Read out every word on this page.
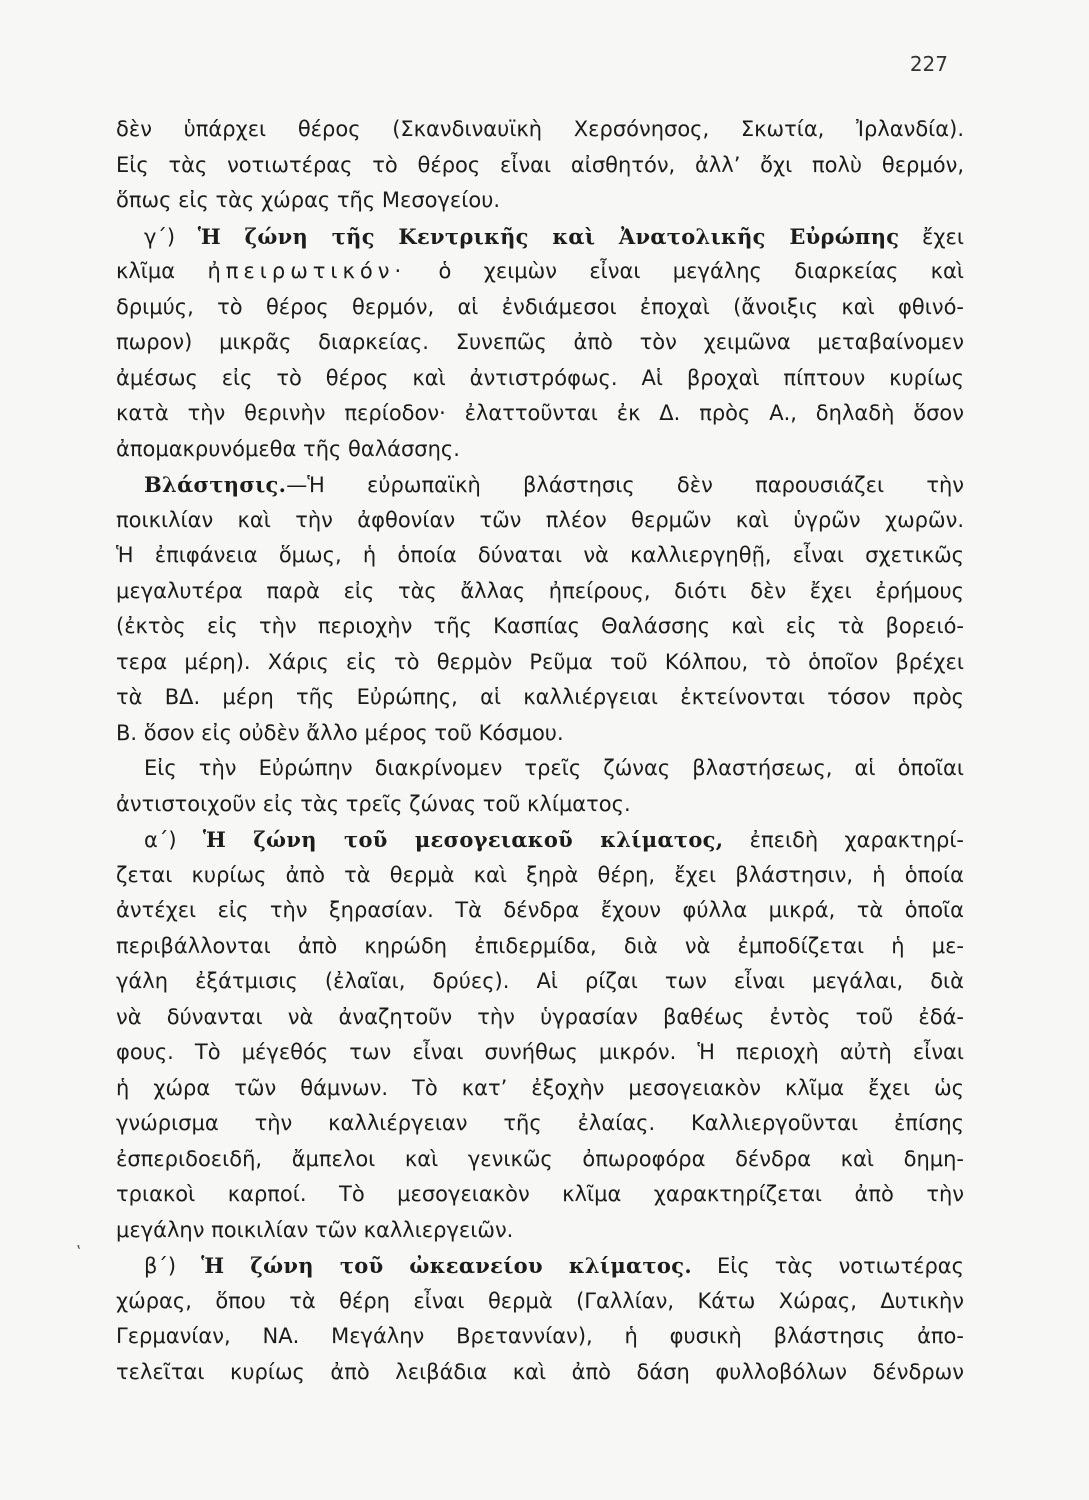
227
ʽ
δὲν ὑπάρχει θέρος (Σκανδιναυϊκὴ Χερσόνησος, Σκωτία, Ἰρλανδία).
Εἰς τὰς νοτιωτέρας τὸ θέρος εἶναι αἰσθητόν, ἀλλ’ ὄχι πολὺ θερμόν,
ὅπως εἰς τὰς χώρας τῆς Μεσογείου.
γ΄) Ἡ ζώνη τῆς Κεντρικῆς καὶ Ἀνατολικῆς Εὐρώπης ἔχει
κλῖμα ἠπειρωτικόν· ὁ χειμὼν εἶναι μεγάλης διαρκείας καὶ
δριμύς, τὸ θέρος θερμόν, αἱ ἐνδιάμεσοι ἐποχαὶ (ἄνοιξις καὶ φθινό-
πωρον) μικρᾶς διαρκείας. Συνεπῶς ἀπὸ τὸν χειμῶνα μεταβαίνομεν
ἀμέσως εἰς τὸ θέρος καὶ ἀντιστρόφως. Αἱ βροχαὶ πίπτουν κυρίως
κατὰ τὴν θερινὴν περίοδον· ἐλαττοῦνται ἐκ Δ. πρὸς Α., δηλαδὴ ὅσον
ἀπομακρυνόμεθα τῆς θαλάσσης.
Βλάστησις.—Ἡ εὐρωπαϊκὴ βλάστησις δὲν παρουσιάζει τὴν
ποικιλίαν καὶ τὴν ἀφθονίαν τῶν πλέον θερμῶν καὶ ὑγρῶν χωρῶν.
Ἡ ἐπιφάνεια ὅμως, ἡ ὁποία δύναται νὰ καλλιεργηθῇ, εἶναι σχετικῶς
μεγαλυτέρα παρὰ εἰς τὰς ἄλλας ἠπείρους, διότι δὲν ἔχει ἐρήμους
(ἐκτὸς εἰς τὴν περιοχὴν τῆς Κασπίας Θαλάσσης καὶ εἰς τὰ βορειό-
τερα μέρη). Χάρις εἰς τὸ θερμὸν Ρεῦμα τοῦ Κόλπου, τὸ ὁποῖον βρέχει
τὰ ΒΔ. μέρη τῆς Εὐρώπης, αἱ καλλιέργειαι ἐκτείνονται τόσον πρὸς
Β. ὅσον εἰς οὐδὲν ἄλλο μέρος τοῦ Κόσμου.
Εἰς τὴν Εὐρώπην διακρίνομεν τρεῖς ζώνας βλαστήσεως, αἱ ὁποῖαι
ἀντιστοιχοῦν εἰς τὰς τρεῖς ζώνας τοῦ κλίματος.
α΄) Ἡ ζώνη τοῦ μεσογειακοῦ κλίματος, ἐπειδὴ χαρακτηρί-
ζεται κυρίως ἀπὸ τὰ θερμὰ καὶ ξηρὰ θέρη, ἔχει βλάστησιν, ἡ ὁποία
ἀντέχει εἰς τὴν ξηρασίαν. Τὰ δένδρα ἔχουν φύλλα μικρά, τὰ ὁποῖα
περιβάλλονται ἀπὸ κηρώδη ἐπιδερμίδα, διὰ νὰ ἐμποδίζεται ἡ με-
γάλη ἐξάτμισις (ἐλαῖαι, δρύες). Αἱ ρίζαι των εἶναι μεγάλαι, διὰ
νὰ δύνανται νὰ ἀναζητοῦν τὴν ὑγρασίαν βαθέως ἐντὸς τοῦ ἐδά-
φους. Τὸ μέγεθός των εἶναι συνήθως μικρόν. Ἡ περιοχὴ αὐτὴ εἶναι
ἡ χώρα τῶν θάμνων. Τὸ κατ’ ἐξοχὴν μεσογειακὸν κλῖμα ἔχει ὡς
γνώρισμα τὴν καλλιέργειαν τῆς ἐλαίας. Καλλιεργοῦνται ἐπίσης
ἐσπεριδοειδῆ, ἄμπελοι καὶ γενικῶς ὀπωροφόρα δένδρα καὶ δημη-
τριακοὶ καρποί. Τὸ μεσογειακὸν κλῖμα χαρακτηρίζεται ἀπὸ τὴν
μεγάλην ποικιλίαν τῶν καλλιεργειῶν.
β΄) Ἡ ζώνη τοῦ ὠκεανείου κλίματος. Εἰς τὰς νοτιωτέρας
χώρας, ὅπου τὰ θέρη εἶναι θερμὰ (Γαλλίαν, Κάτω Χώρας, Δυτικὴν
Γερμανίαν, ΝΑ. Μεγάλην Βρεταννίαν), ἡ φυσικὴ βλάστησις ἀπο-
τελεῖται κυρίως ἀπὸ λειβάδια καὶ ἀπὸ δάση φυλλοβόλων δένδρων
